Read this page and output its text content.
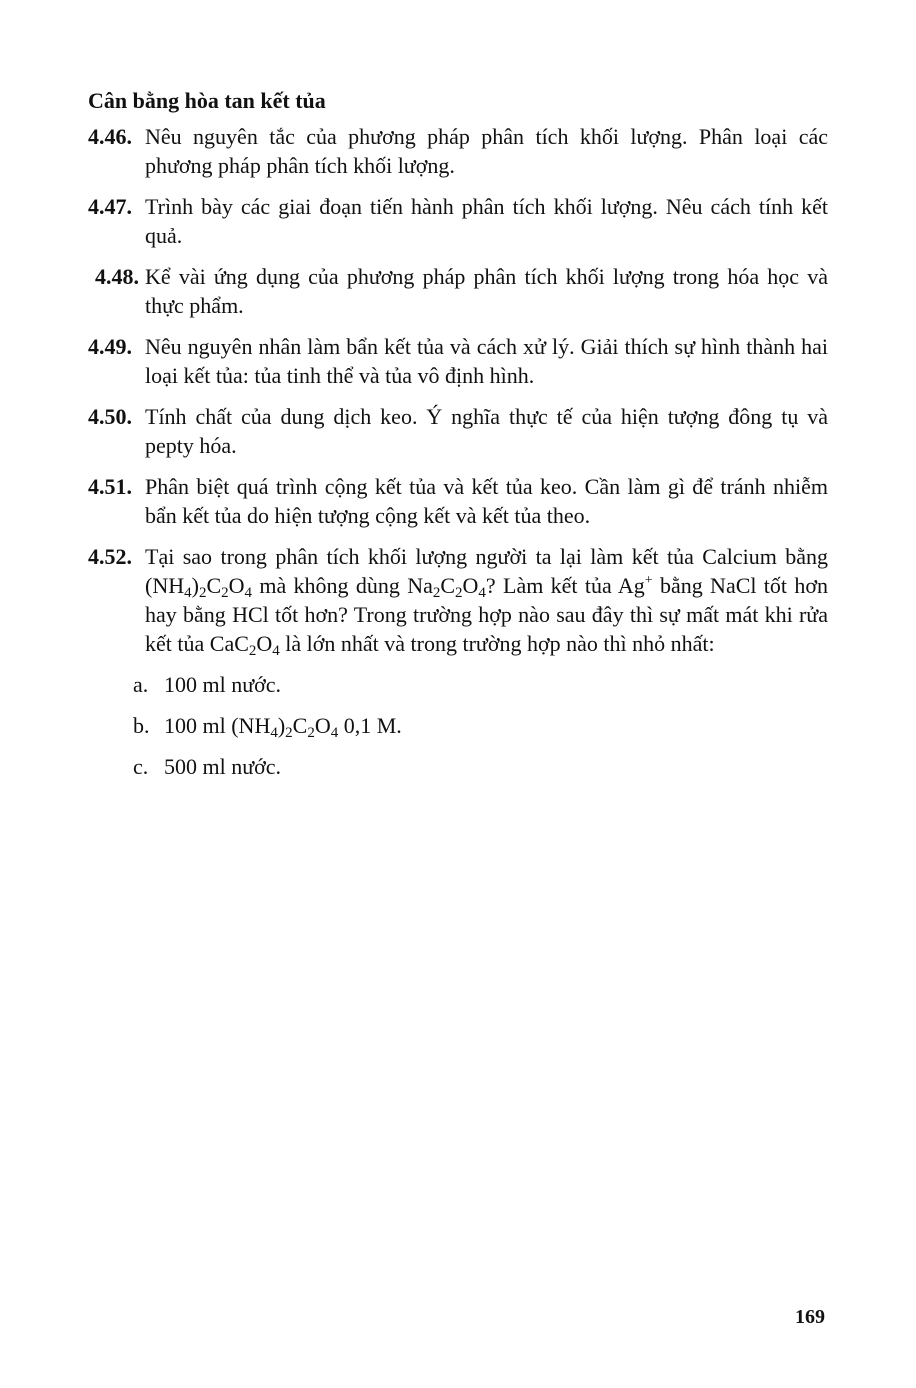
Cân bằng hòa tan kết tủa
4.46. Nêu nguyên tắc của phương pháp phân tích khối lượng. Phân loại các phương pháp phân tích khối lượng.
4.47. Trình bày các giai đoạn tiến hành phân tích khối lượng. Nêu cách tính kết quả.
4.48. Kể vài ứng dụng của phương pháp phân tích khối lượng trong hóa học và thực phẩm.
4.49. Nêu nguyên nhân làm bẩn kết tủa và cách xử lý. Giải thích sự hình thành hai loại kết tủa: tủa tinh thể và tủa vô định hình.
4.50. Tính chất của dung dịch keo. Ý nghĩa thực tế của hiện tượng đông tụ và pepty hóa.
4.51. Phân biệt quá trình cộng kết tủa và kết tủa keo. Cần làm gì để tránh nhiễm bẩn kết tủa do hiện tượng cộng kết và kết tủa theo.
4.52. Tại sao trong phân tích khối lượng người ta lại làm kết tủa Calcium bằng $(NH_4)_2C_2O_4$ mà không dùng $Na_2C_2O_4$? Làm kết tủa Ag+ bằng NaCl tốt hơn hay bằng HCl tốt hơn? Trong trường hợp nào sau đây thì sự mất mát khi rửa kết tủa $CaC_2O_4$ là lớn nhất và trong trường hợp nào thì nhỏ nhất:
a. 100 ml nước.
b. 100 ml $(NH_4)_2C_2O_4$ 0,1 M.
c. 500 ml nước.
169
